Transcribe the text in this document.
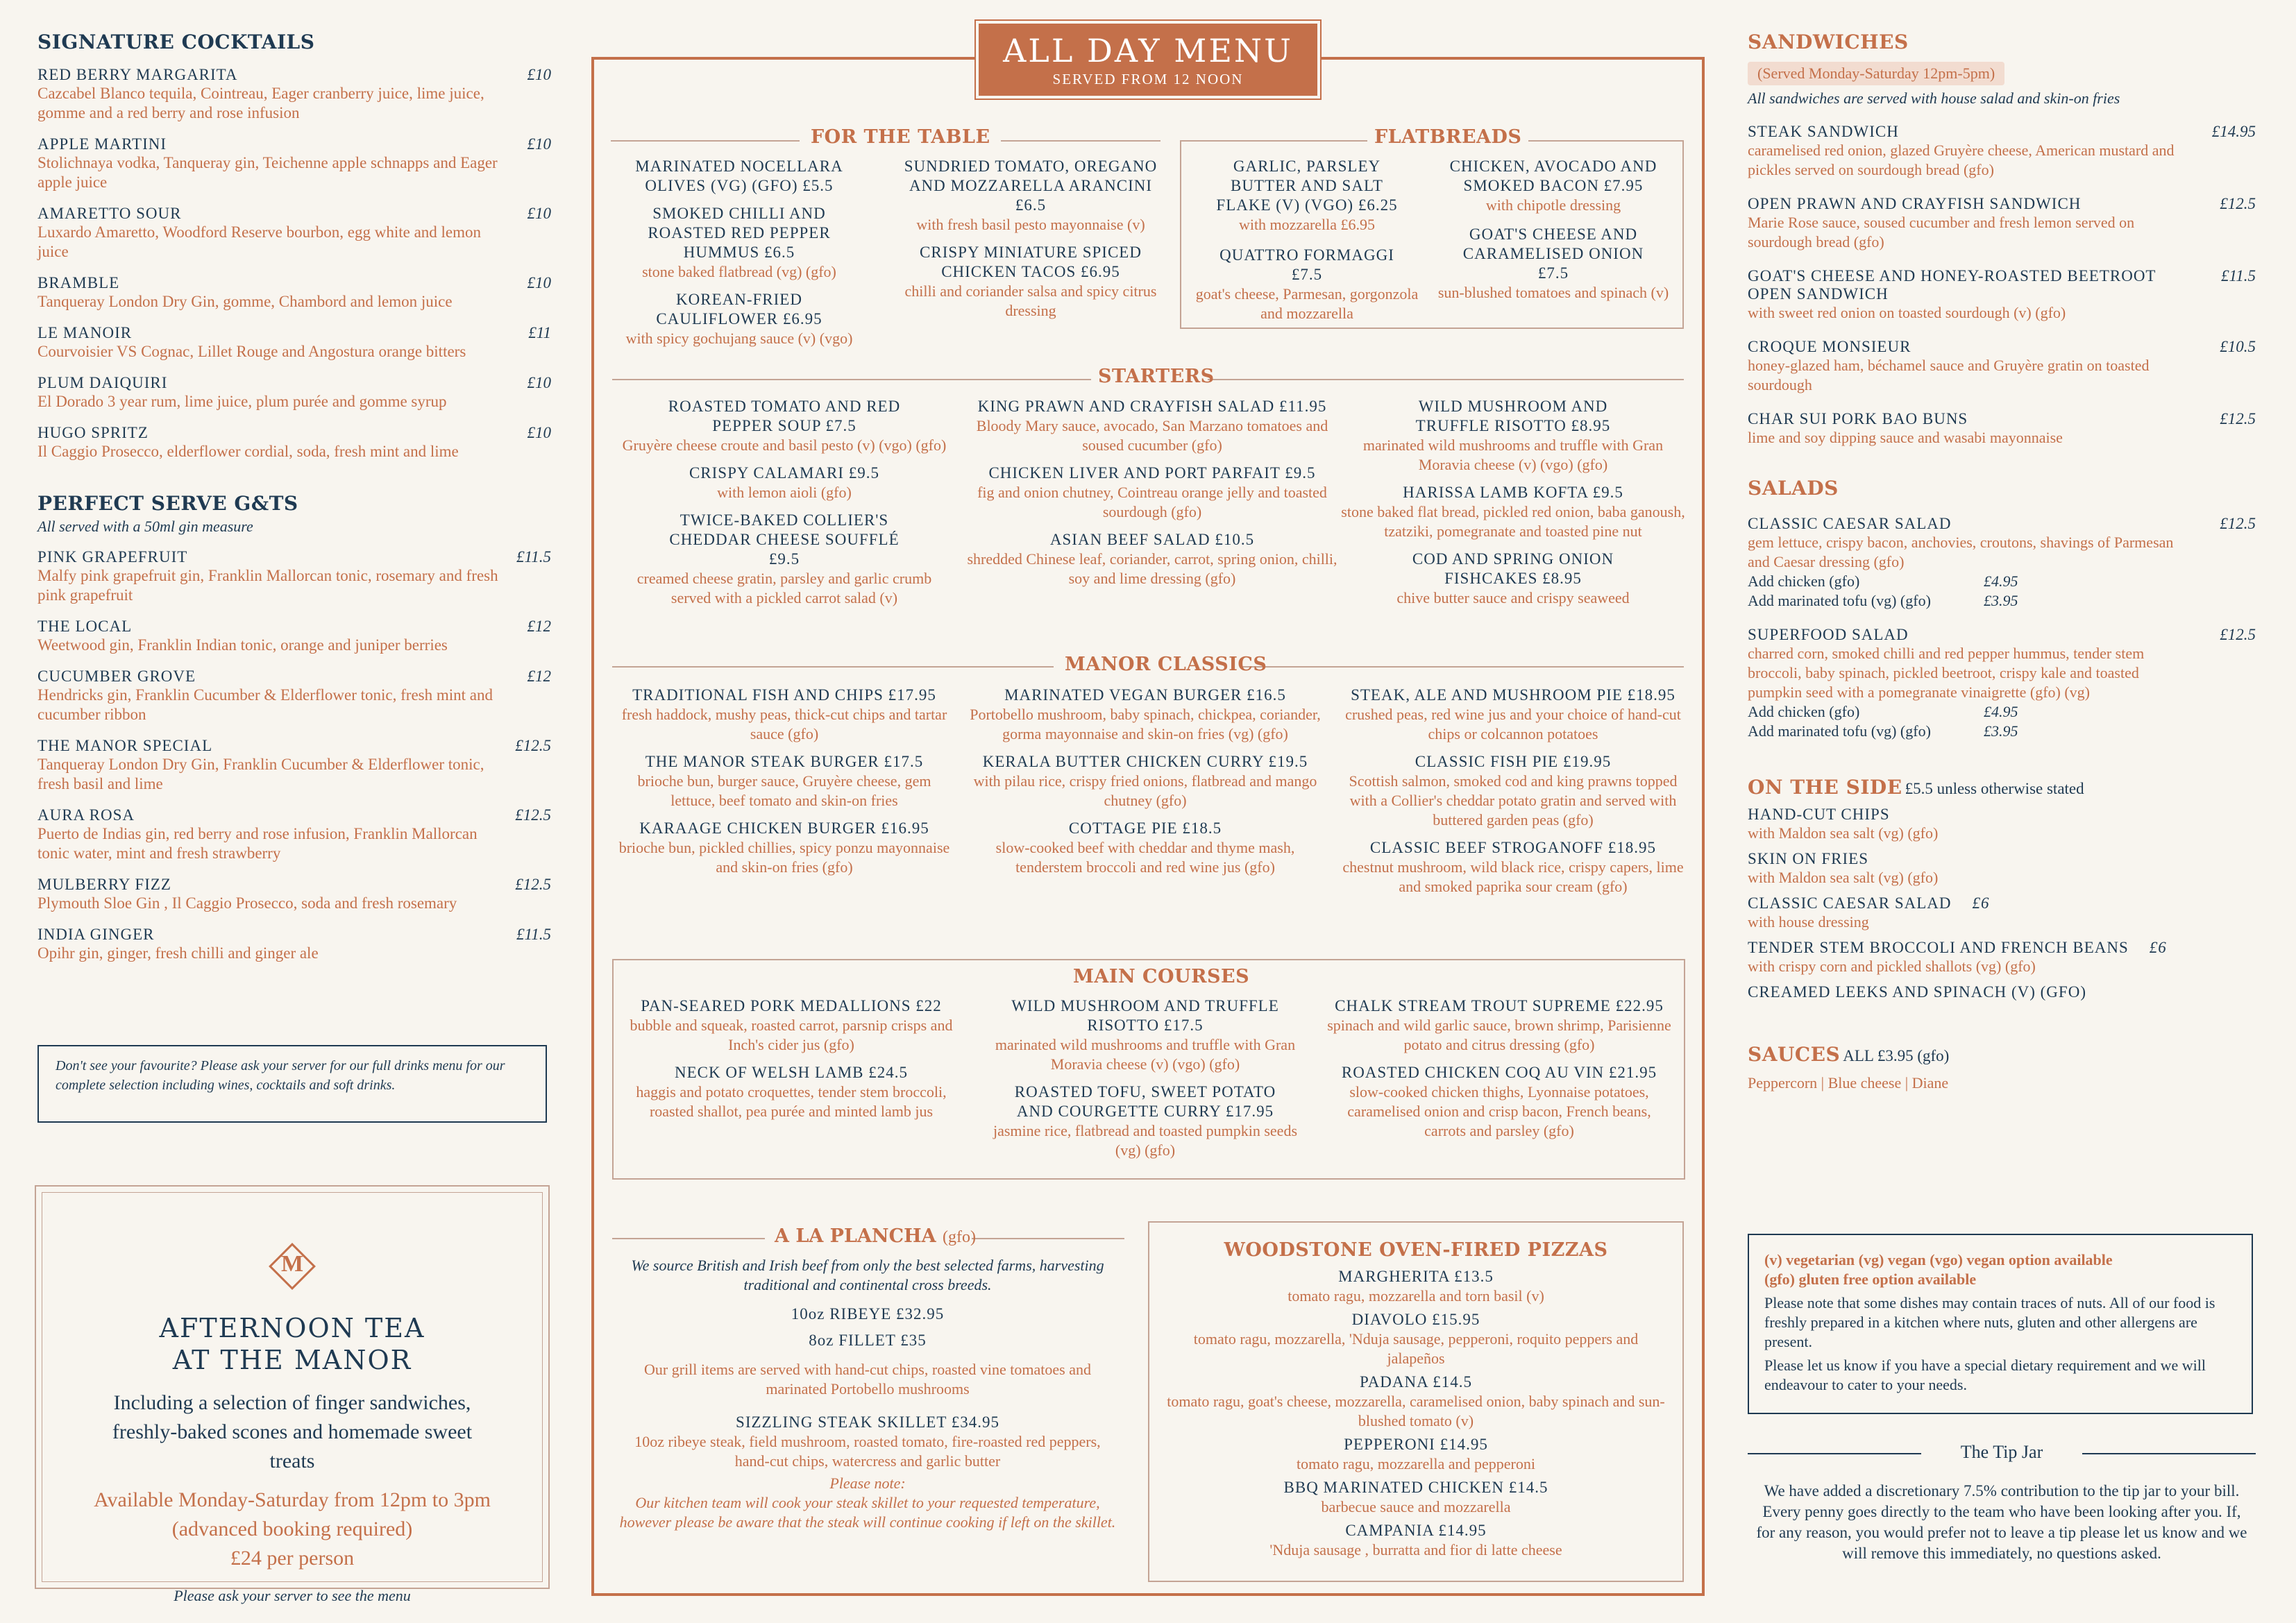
SIGNATURE COCKTAILS
RED BERRY MARGARITA
Cazcabel Blanco tequila, Cointreau, Eager cranberry juice, lime juice, gomme and a red berry and rose infusion
£10
APPLE MARTINI
Stolichnaya vodka, Tanqueray gin, Teichenne apple schnapps and Eager apple juice
£10
AMARETTO SOUR
Luxardo Amaretto, Woodford Reserve bourbon, egg white and lemon juice
£10
BRAMBLE
Tanqueray London Dry Gin, gomme, Chambord and lemon juice
£10
LE MANOIR
Courvoisier VS Cognac, Lillet Rouge and Angostura orange bitters
£11
PLUM DAIQUIRI
El Dorado 3 year rum, lime juice, plum purée and gomme syrup
£10
HUGO SPRITZ
Il Caggio Prosecco, elderflower cordial, soda, fresh mint and lime
£10
PERFECT SERVE G&TS
All served with a 50ml gin measure
PINK GRAPEFRUIT
Malfy pink grapefruit gin, Franklin Mallorcan tonic, rosemary and fresh pink grapefruit
£11.5
THE LOCAL
Weetwood gin, Franklin Indian tonic, orange and juniper berries
£12
CUCUMBER GROVE
Hendricks gin, Franklin Cucumber & Elderflower tonic, fresh mint and cucumber ribbon
£12
THE MANOR SPECIAL
Tanqueray London Dry Gin, Franklin Cucumber & Elderflower tonic, fresh basil and lime
£12.5
AURA ROSA
Puerto de Indias gin, red berry and rose infusion, Franklin Mallorcan tonic water, mint and fresh strawberry
£12.5
MULBERRY FIZZ
Plymouth Sloe Gin , Il Caggio Prosecco, soda and fresh rosemary
£12.5
INDIA GINGER
Opihr gin, ginger, fresh chilli and ginger ale
£11.5
Don't see your favourite? Please ask your server for our full drinks menu for our complete selection including wines, cocktails and soft drinks.
M
AFTERNOON TEA
AT THE MANOR
Including a selection of finger sandwiches, freshly-baked scones and homemade sweet treats
Available Monday-Saturday from 12pm to 3pm
(advanced booking required)
£24 per person
Please ask your server to see the menu
ALL DAY MENU
SERVED FROM 12 NOON
FOR THE TABLE
MARINATED NOCELLARA OLIVES (VG) (GFO) £5.5
SMOKED CHILLI AND ROASTED RED PEPPER HUMMUS £6.5
stone baked flatbread (vg) (gfo)
KOREAN-FRIED CAULIFLOWER £6.95
with spicy gochujang sauce (v) (vgo)
SUNDRIED TOMATO, OREGANO AND MOZZARELLA ARANCINI £6.5
with fresh basil pesto mayonnaise (v)
CRISPY MINIATURE SPICED CHICKEN TACOS £6.95
chilli and coriander salsa and spicy citrus dressing
FLATBREADS
GARLIC, PARSLEY BUTTER AND SALT FLAKE (V) (VGO) £6.25
with mozzarella £6.95
QUATTRO FORMAGGI £7.5
goat's cheese, Parmesan, gorgonzola and mozzarella
CHICKEN, AVOCADO AND SMOKED BACON £7.95
with chipotle dressing
GOAT'S CHEESE AND CARAMELISED ONION £7.5
sun-blushed tomatoes and spinach (v)
STARTERS
ROASTED TOMATO AND RED PEPPER SOUP £7.5
Gruyère cheese croute and basil pesto (v) (vgo) (gfo)
CRISPY CALAMARI £9.5
with lemon aioli (gfo)
TWICE-BAKED COLLIER'S CHEDDAR CHEESE SOUFFLÉ £9.5
creamed cheese gratin, parsley and garlic crumb served with a pickled carrot salad (v)
KING PRAWN AND CRAYFISH SALAD £11.95
Bloody Mary sauce, avocado, San Marzano tomatoes and soused cucumber (gfo)
CHICKEN LIVER AND PORT PARFAIT £9.5
fig and onion chutney, Cointreau orange jelly and toasted sourdough (gfo)
ASIAN BEEF SALAD £10.5
shredded Chinese leaf, coriander, carrot, spring onion, chilli, soy and lime dressing (gfo)
WILD MUSHROOM AND TRUFFLE RISOTTO £8.95
marinated wild mushrooms and truffle with Gran Moravia cheese (v) (vgo) (gfo)
HARISSA LAMB KOFTA £9.5
stone baked flat bread, pickled red onion, baba ganoush, tzatziki, pomegranate and toasted pine nut
COD AND SPRING ONION FISHCAKES £8.95
chive butter sauce and crispy seaweed
MANOR CLASSICS
TRADITIONAL FISH AND CHIPS £17.95
fresh haddock, mushy peas, thick-cut chips and tartar sauce (gfo)
THE MANOR STEAK BURGER £17.5
brioche bun, burger sauce, Gruyère cheese, gem lettuce, beef tomato and skin-on fries
KARAAGE CHICKEN BURGER £16.95
brioche bun, pickled chillies, spicy ponzu mayonnaise and skin-on fries (gfo)
MARINATED VEGAN BURGER £16.5
Portobello mushroom, baby spinach, chickpea, coriander, gorma mayonnaise and skin-on fries (vg) (gfo)
KERALA BUTTER CHICKEN CURRY £19.5
with pilau rice, crispy fried onions, flatbread and mango chutney (gfo)
COTTAGE PIE £18.5
slow-cooked beef with cheddar and thyme mash, tenderstem broccoli and red wine jus (gfo)
STEAK, ALE AND MUSHROOM PIE £18.95
crushed peas, red wine jus and your choice of hand-cut chips or colcannon potatoes
CLASSIC FISH PIE £19.95
Scottish salmon, smoked cod and king prawns topped with a Collier's cheddar potato gratin and served with buttered garden peas (gfo)
CLASSIC BEEF STROGANOFF £18.95
chestnut mushroom, wild black rice, crispy capers, lime and smoked paprika sour cream (gfo)
MAIN COURSES
PAN-SEARED PORK MEDALLIONS £22
bubble and squeak, roasted carrot, parsnip crisps and Inch's cider jus (gfo)
NECK OF WELSH LAMB £24.5
haggis and potato croquettes, tender stem broccoli, roasted shallot, pea purée and minted lamb jus
WILD MUSHROOM AND TRUFFLE RISOTTO £17.5
marinated wild mushrooms and truffle with Gran Moravia cheese (v) (vgo) (gfo)
ROASTED TOFU, SWEET POTATO AND COURGETTE CURRY £17.95
jasmine rice, flatbread and toasted pumpkin seeds (vg) (gfo)
CHALK STREAM TROUT SUPREME £22.95
spinach and wild garlic sauce, brown shrimp, Parisienne potato and citrus dressing (gfo)
ROASTED CHICKEN COQ AU VIN £21.95
slow-cooked chicken thighs, Lyonnaise potatoes, caramelised onion and crisp bacon, French beans, carrots and parsley (gfo)
A LA PLANCHA (gfo)
We source British and Irish beef from only the best selected farms, harvesting traditional and continental cross breeds.
10oz RIBEYE £32.95
8oz FILLET £35
Our grill items are served with hand-cut chips, roasted vine tomatoes and marinated Portobello mushrooms
SIZZLING STEAK SKILLET £34.95
10oz ribeye steak, field mushroom, roasted tomato, fire-roasted red peppers, hand-cut chips, watercress and garlic butter
Please note:
Our kitchen team will cook your steak skillet to your requested temperature, however please be aware that the steak will continue cooking if left on the skillet.
WOODSTONE OVEN-FIRED PIZZAS
MARGHERITA £13.5
tomato ragu, mozzarella and torn basil (v)
DIAVOLO £15.95
tomato ragu, mozzarella, 'Nduja sausage, pepperoni, roquito peppers and jalapeños
PADANA £14.5
tomato ragu, goat's cheese, mozzarella, caramelised onion, baby spinach and sun-blushed tomato (v)
PEPPERONI £14.95
tomato ragu, mozzarella and pepperoni
BBQ MARINATED CHICKEN £14.5
barbecue sauce and mozzarella
CAMPANIA £14.95
'Nduja sausage , burratta and fior di latte cheese
SANDWICHES
(Served Monday-Saturday 12pm-5pm)
All sandwiches are served with house salad and skin-on fries
STEAK SANDWICH
caramelised red onion, glazed Gruyère cheese, American mustard and pickles served on sourdough bread (gfo)
£14.95
OPEN PRAWN AND CRAYFISH SANDWICH
Marie Rose sauce, soused cucumber and fresh lemon served on sourdough bread (gfo)
£12.5
GOAT'S CHEESE AND HONEY-ROASTED BEETROOT OPEN SANDWICH
with sweet red onion on toasted sourdough (v) (gfo)
£11.5
CROQUE MONSIEUR
honey-glazed ham, béchamel sauce and Gruyère gratin on toasted sourdough
£10.5
CHAR SUI PORK BAO BUNS
lime and soy dipping sauce and wasabi mayonnaise
£12.5
SALADS
CLASSIC CAESAR SALAD
gem lettuce, crispy bacon, anchovies, croutons, shavings of Parmesan and Caesar dressing (gfo)
£12.5
Add chicken (gfo)	£4.95
Add marinated tofu (vg) (gfo)	£3.95
SUPERFOOD SALAD
charred corn, smoked chilli and red pepper hummus, tender stem broccoli, baby spinach, pickled beetroot, crispy kale and toasted pumpkin seed with a pomegranate vinaigrette (gfo) (vg)
£12.5
Add chicken (gfo)	£4.95
Add marinated tofu (vg) (gfo)	£3.95
ON THE SIDE £5.5 unless otherwise stated
HAND-CUT CHIPS
with Maldon sea salt (vg) (gfo)
SKIN ON FRIES
with Maldon sea salt (vg) (gfo)
CLASSIC CAESAR SALAD £6
with house dressing
TENDER STEM BROCCOLI AND FRENCH BEANS £6
with crispy corn and pickled shallots (vg) (gfo)
CREAMED LEEKS AND SPINACH (V) (GFO)
SAUCES ALL £3.95 (gfo)
Peppercorn | Blue cheese | Diane
(v) vegetarian (vg) vegan (vgo) vegan option available
(gfo) gluten free option available
Please note that some dishes may contain traces of nuts. All of our food is freshly prepared in a kitchen where nuts, gluten and other allergens are present.
Please let us know if you have a special dietary requirement and we will endeavour to cater to your needs.
The Tip Jar
We have added a discretionary 7.5% contribution to the tip jar to your bill. Every penny goes directly to the team who have been looking after you. If, for any reason, you would prefer not to leave a tip please let us know and we will remove this immediately, no questions asked.
